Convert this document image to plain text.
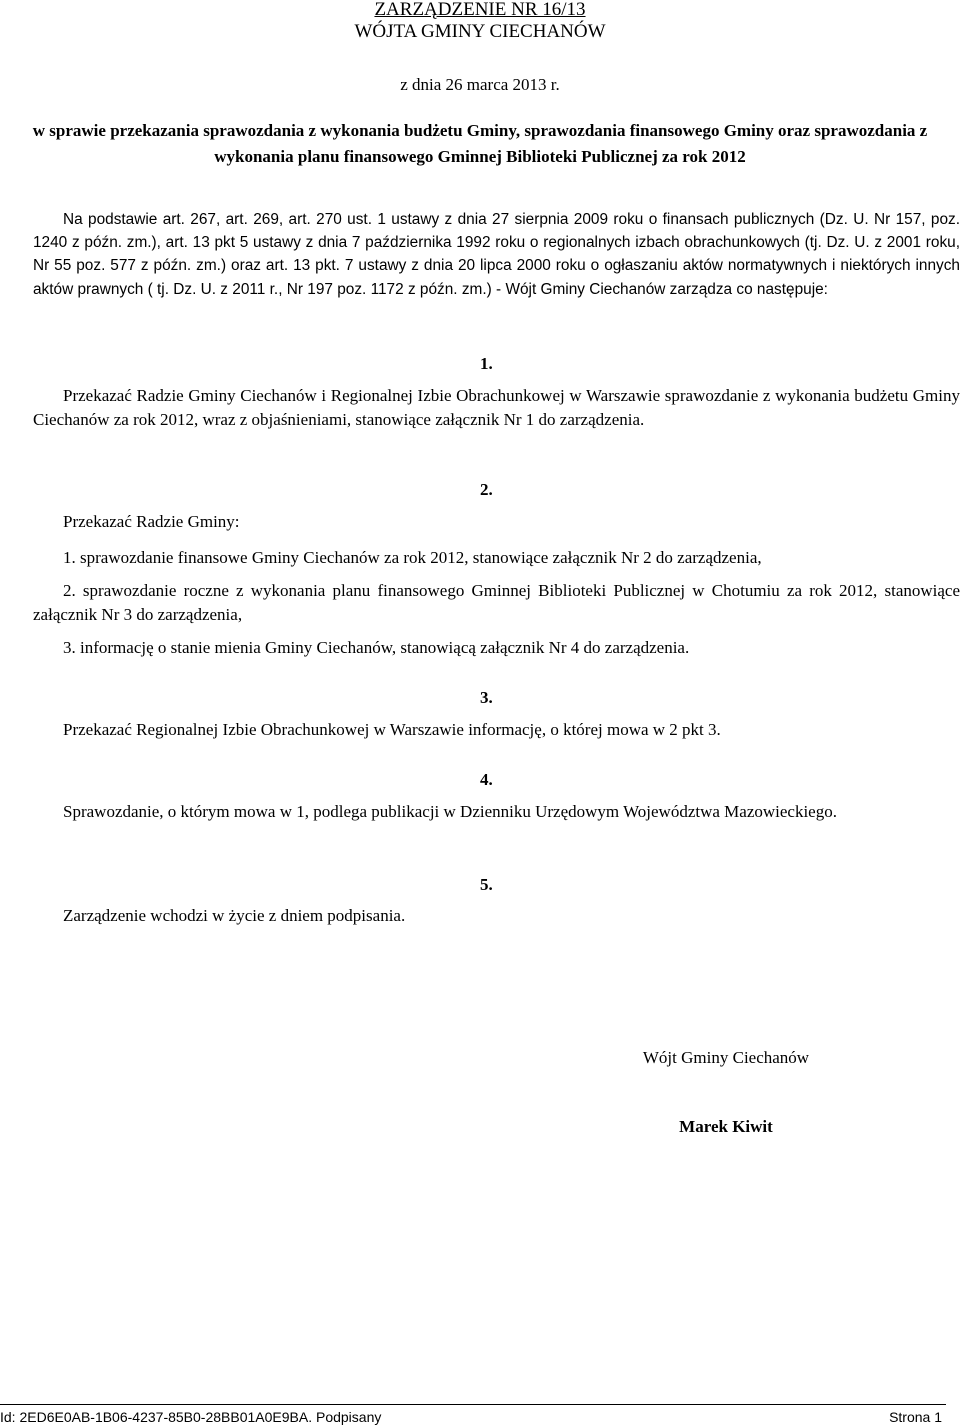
ZARZĄDZENIE NR 16/13
WÓJTA GMINY CIECHANÓW
z dnia 26 marca 2013 r.
w sprawie przekazania sprawozdania z wykonania budżetu Gminy, sprawozdania finansowego Gminy oraz sprawozdania z wykonania planu finansowego Gminnej Biblioteki Publicznej za rok 2012
Na podstawie art. 267, art. 269, art. 270 ust. 1 ustawy z dnia 27 sierpnia 2009 roku o finansach publicznych (Dz. U. Nr 157, poz. 1240 z późn. zm.), art. 13 pkt 5 ustawy z dnia 7 października 1992 roku o regionalnych izbach obrachunkowych (tj. Dz. U. z 2001 roku, Nr 55 poz. 577 z późn. zm.) oraz art. 13 pkt. 7 ustawy z dnia 20 lipca 2000 roku o ogłaszaniu aktów normatywnych i niektórych innych aktów prawnych ( tj. Dz. U. z 2011 r., Nr 197 poz. 1172 z późn. zm.) - Wójt Gminy Ciechanów zarządza co następuje:
1.
Przekazać Radzie Gminy Ciechanów i Regionalnej Izbie Obrachunkowej w Warszawie sprawozdanie z wykonania budżetu Gminy Ciechanów za rok 2012, wraz z objaśnieniami, stanowiące załącznik Nr 1 do zarządzenia.
2.
Przekazać Radzie Gminy:
1. sprawozdanie finansowe Gminy Ciechanów za rok 2012, stanowiące załącznik Nr 2 do zarządzenia,
2. sprawozdanie roczne z wykonania planu finansowego Gminnej Biblioteki Publicznej w Chotumiu za rok 2012, stanowiące załącznik Nr 3 do zarządzenia,
3. informację o stanie mienia Gminy Ciechanów, stanowiącą załącznik Nr 4 do zarządzenia.
3.
Przekazać Regionalnej Izbie Obrachunkowej w Warszawie informację, o której mowa w 2 pkt 3.
4.
Sprawozdanie, o którym mowa w 1, podlega publikacji w Dzienniku Urzędowym Województwa Mazowieckiego.
5.
Zarządzenie wchodzi w życie z dniem podpisania.
Wójt Gminy Ciechanów
Marek Kiwit
Id: 2ED6E0AB-1B06-4237-85B0-28BB01A0E9BA. Podpisany	Strona 1
